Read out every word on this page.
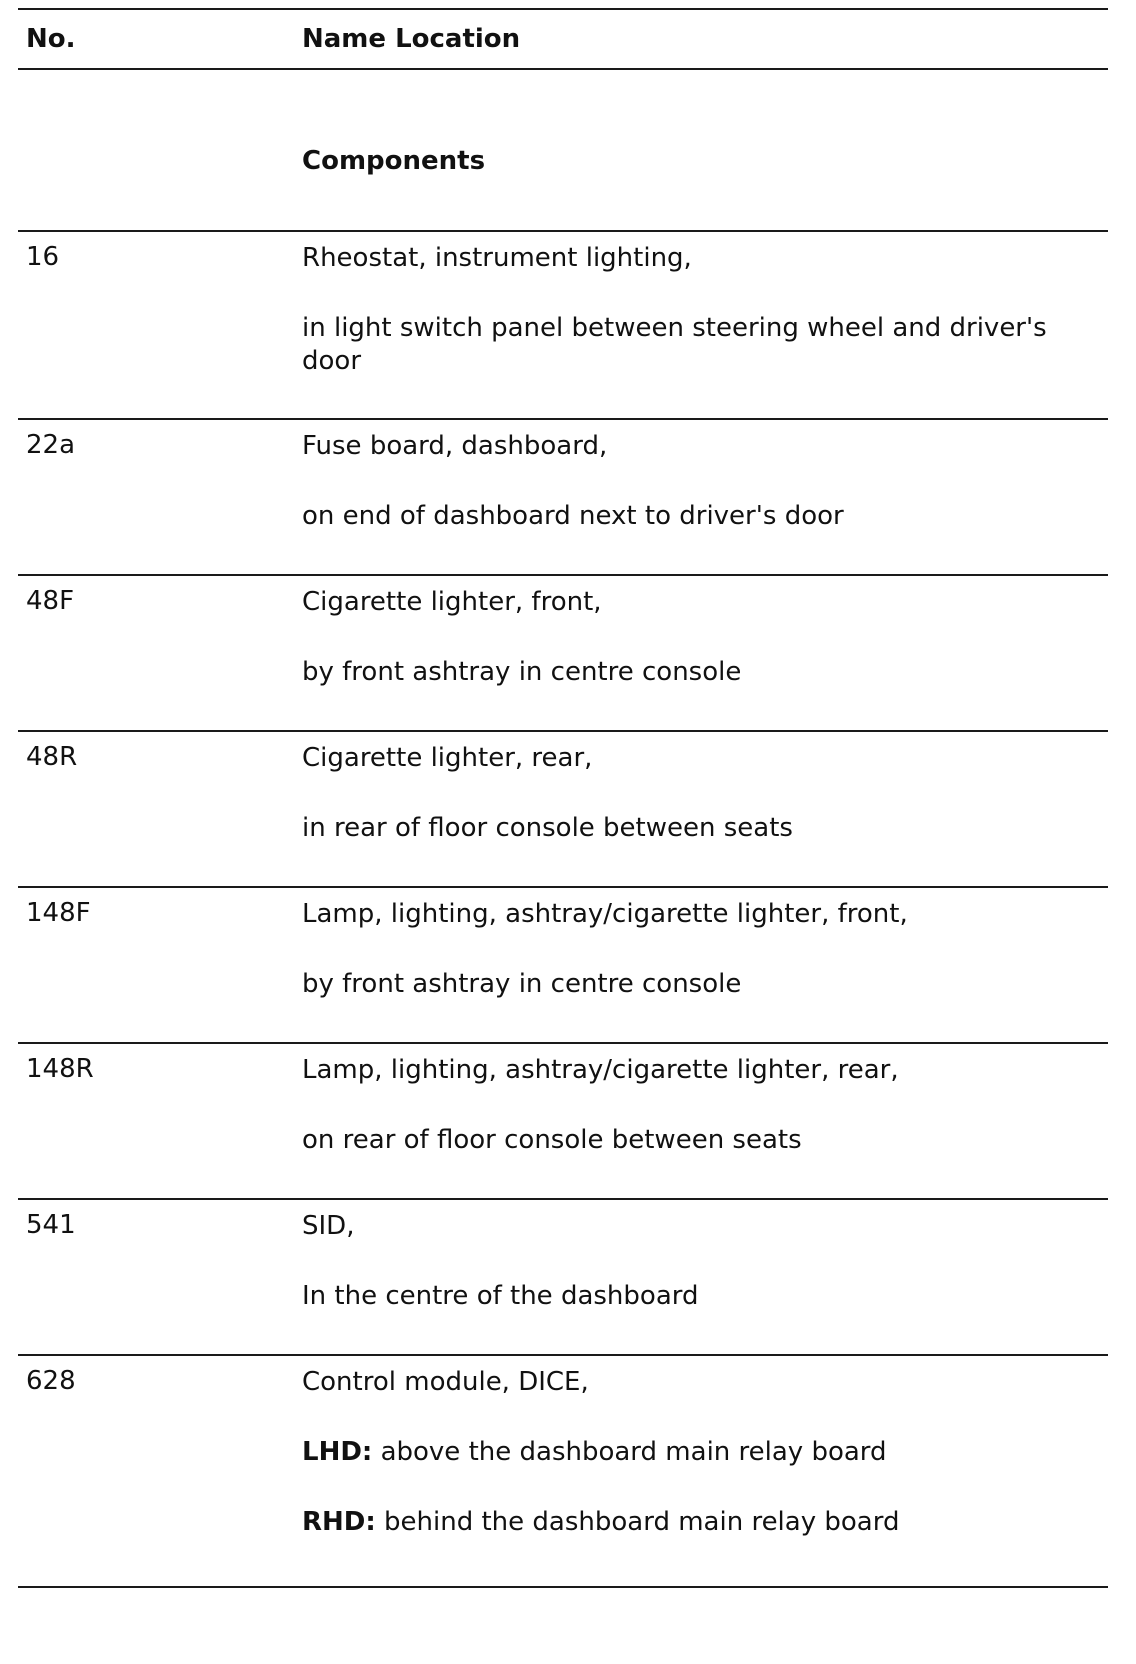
No.	Name Location
Components
16	Rheostat, instrument lighting,

in light switch panel between steering wheel and driver's door

22a	Fuse board, dashboard,

on end of dashboard next to driver's door

48F	Cigarette lighter, front,

by front ashtray in centre console

48R	Cigarette lighter, rear,

in rear of floor console between seats

148F	Lamp, lighting, ashtray/cigarette lighter, front,

by front ashtray in centre console

148R	Lamp, lighting, ashtray/cigarette lighter, rear,

on rear of floor console between seats

541	SID,

In the centre of the dashboard

628	Control module, DICE,

LHD: above the dashboard main relay board

RHD: behind the dashboard main relay board
